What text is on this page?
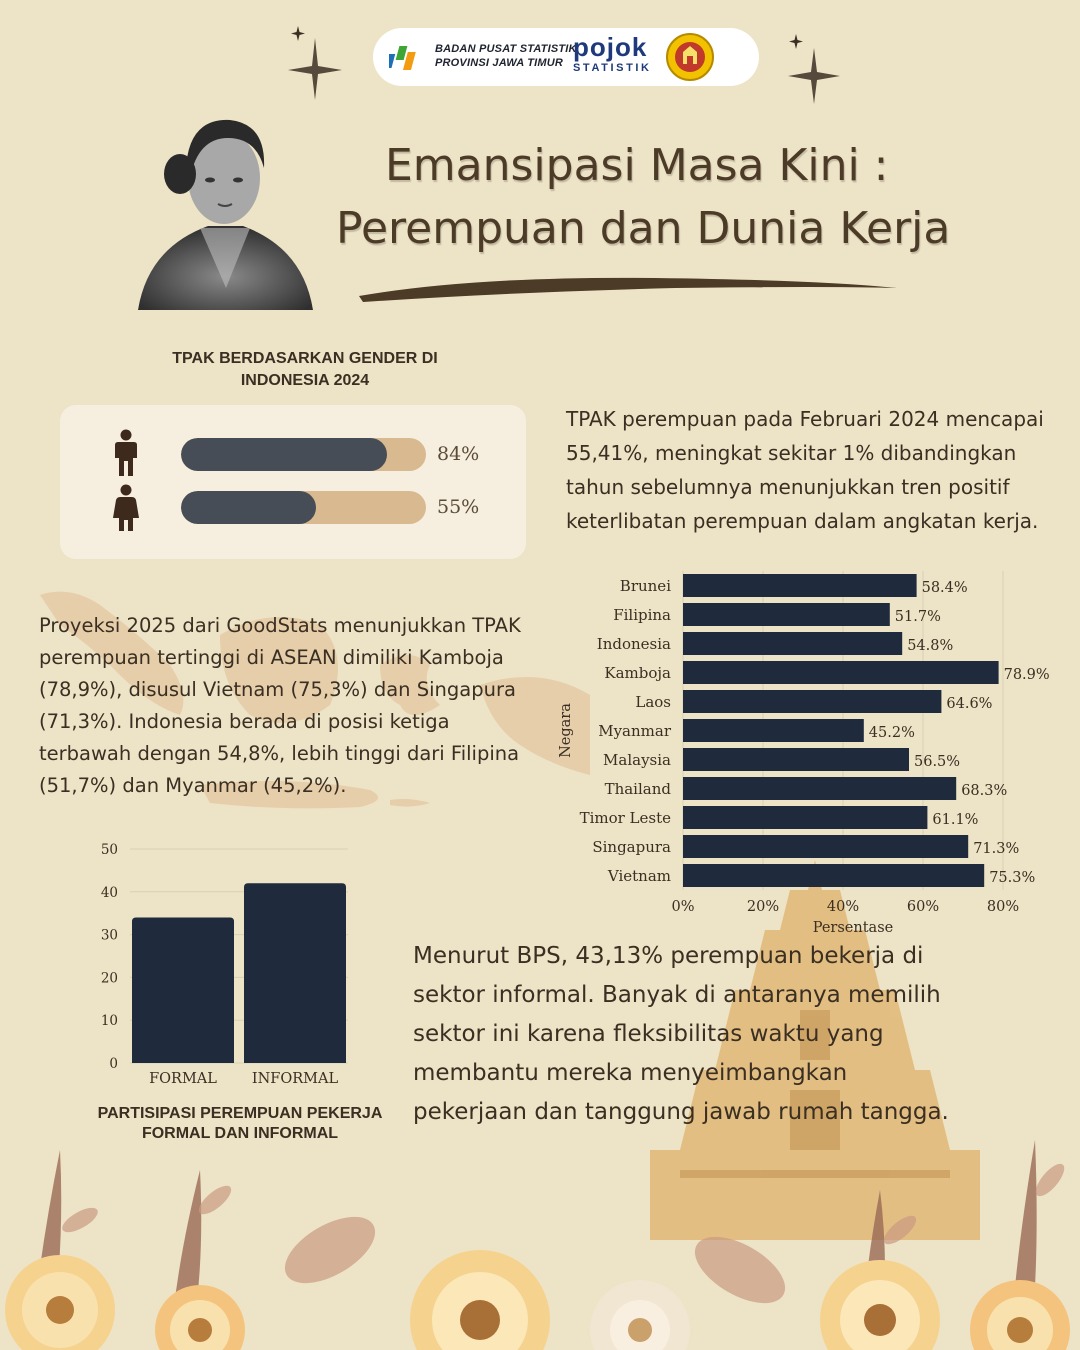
BADAN PUSAT STATISTIK
PROVINSI JAWA TIMUR
pojok
STATISTIK
Emansipasi Masa Kini :
Perempuan dan Dunia Kerja
TPAK BERDASARKAN GENDER DI
INDONESIA 2024
84%
55%
TPAK perempuan pada Februari 2024 mencapai 55,41%, meningkat sekitar 1% dibandingkan tahun sebelumnya menunjukkan tren positif keterlibatan perempuan dalam angkatan kerja.
Proyeksi 2025 dari GoodStats menunjukkan TPAK perempuan tertinggi di ASEAN dimiliki Kamboja (78,9%), disusul Vietnam (75,3%) dan Singapura (71,3%). Indonesia berada di posisi ketiga terbawah dengan 54,8%, lebih tinggi dari Filipina (51,7%) dan Myanmar (45,2%).
0%	20%	40%	60%	80%
Brunei	58.4%
Filipina	51.7%
Indonesia	54.8%
Kamboja	78.9%
Laos	64.6%
Myanmar	45.2%
Malaysia	56.5%
Thailand	68.3%
Timor Leste	61.1%
Singapura	71.3%
Vietnam	75.3%
Persentase
Negara
0
10
20
30
40
50
FORMAL INFORMAL
PARTISIPASI PEREMPUAN PEKERJA
FORMAL DAN INFORMAL
Menurut BPS, 43,13% perempuan bekerja di sektor informal. Banyak di antaranya memilih sektor ini karena fleksibilitas waktu yang membantu mereka menyeimbangkan pekerjaan dan tanggung jawab rumah tangga.
